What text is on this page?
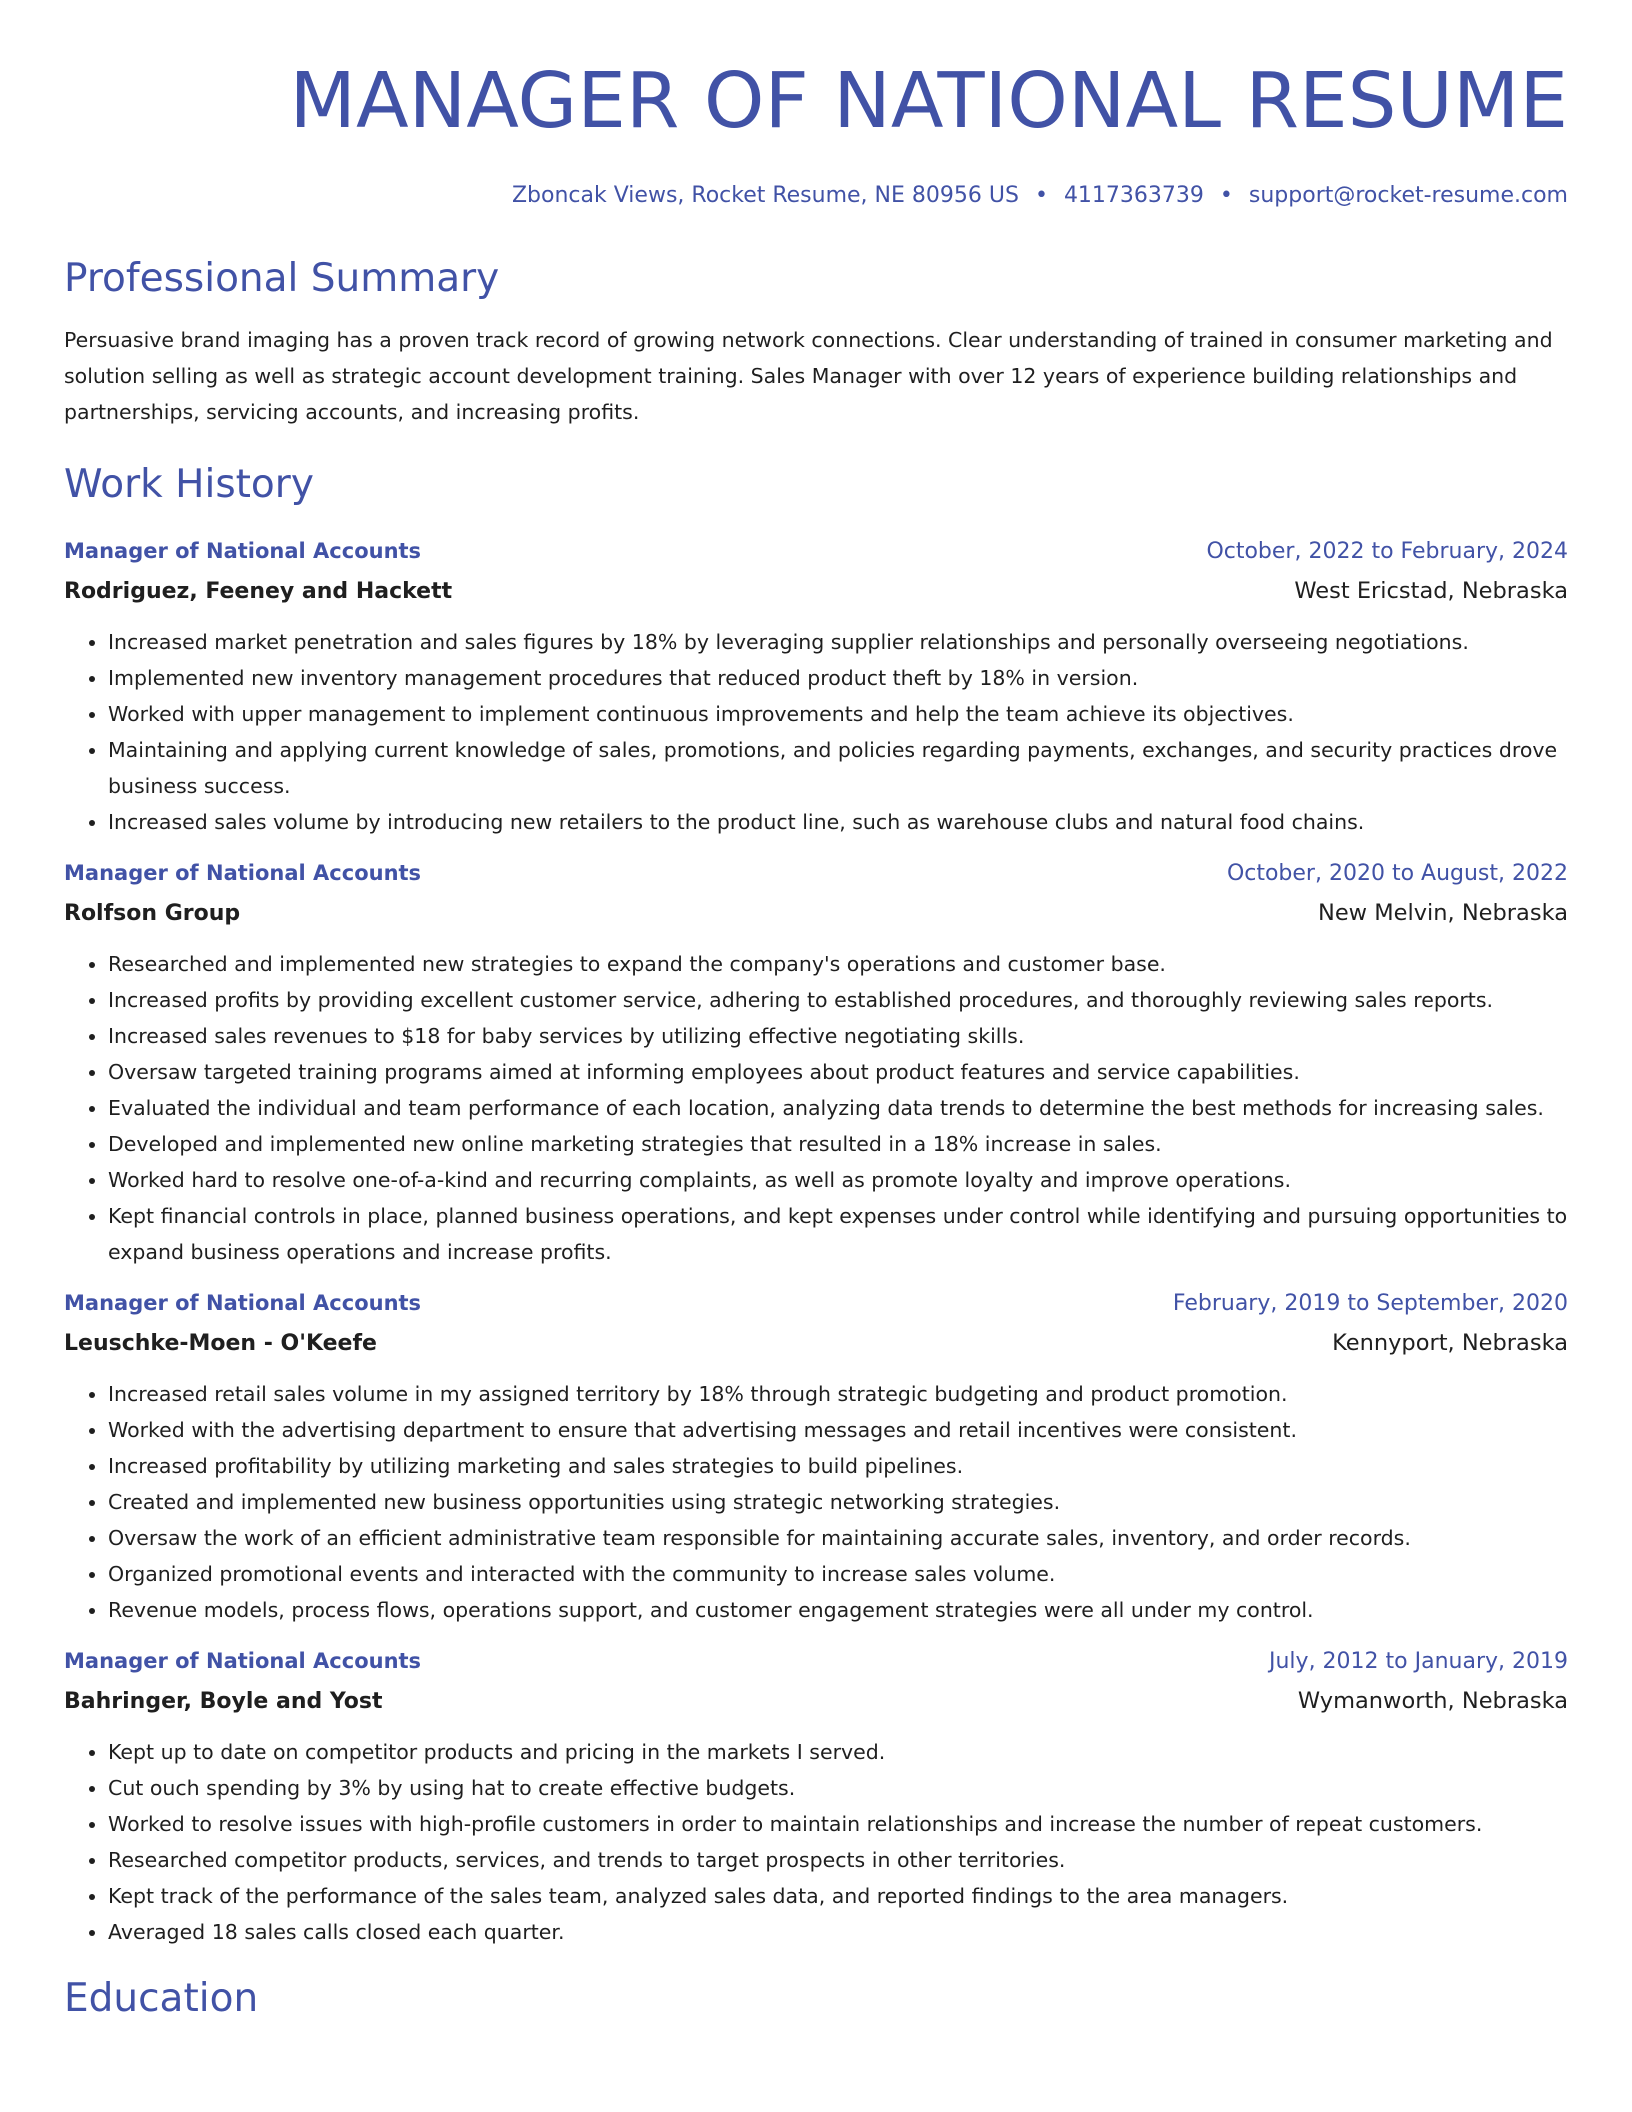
MANAGER OF NATIONAL RESUME
Zboncak Views, Rocket Resume, NE 80956 US • 4117363739 • support@rocket-resume.com
Professional Summary
Persuasive brand imaging has a proven track record of growing network connections. Clear understanding of trained in consumer marketing and solution selling as well as strategic account development training. Sales Manager with over 12 years of experience building relationships and partnerships, servicing accounts, and increasing profits.
Work History
Manager of National Accounts	October, 2022 to February, 2024
Rodriguez, Feeney and Hackett	West Ericstad, Nebraska
• Increased market penetration and sales figures by 18% by leveraging supplier relationships and personally overseeing negotiations.
• Implemented new inventory management procedures that reduced product theft by 18% in version.
• Worked with upper management to implement continuous improvements and help the team achieve its objectives.
• Maintaining and applying current knowledge of sales, promotions, and policies regarding payments, exchanges, and security practices drove business success.
• Increased sales volume by introducing new retailers to the product line, such as warehouse clubs and natural food chains.
Manager of National Accounts	October, 2020 to August, 2022
Rolfson Group	New Melvin, Nebraska
• Researched and implemented new strategies to expand the company's operations and customer base.
• Increased profits by providing excellent customer service, adhering to established procedures, and thoroughly reviewing sales reports.
• Increased sales revenues to $18 for baby services by utilizing effective negotiating skills.
• Oversaw targeted training programs aimed at informing employees about product features and service capabilities.
• Evaluated the individual and team performance of each location, analyzing data trends to determine the best methods for increasing sales.
• Developed and implemented new online marketing strategies that resulted in a 18% increase in sales.
• Worked hard to resolve one-of-a-kind and recurring complaints, as well as promote loyalty and improve operations.
• Kept financial controls in place, planned business operations, and kept expenses under control while identifying and pursuing opportunities to expand business operations and increase profits.
Manager of National Accounts	February, 2019 to September, 2020
Leuschke-Moen - O'Keefe	Kennyport, Nebraska
• Increased retail sales volume in my assigned territory by 18% through strategic budgeting and product promotion.
• Worked with the advertising department to ensure that advertising messages and retail incentives were consistent.
• Increased profitability by utilizing marketing and sales strategies to build pipelines.
• Created and implemented new business opportunities using strategic networking strategies.
• Oversaw the work of an efficient administrative team responsible for maintaining accurate sales, inventory, and order records.
• Organized promotional events and interacted with the community to increase sales volume.
• Revenue models, process flows, operations support, and customer engagement strategies were all under my control.
Manager of National Accounts	July, 2012 to January, 2019
Bahringer, Boyle and Yost	Wymanworth, Nebraska
• Kept up to date on competitor products and pricing in the markets I served.
• Cut ouch spending by 3% by using hat to create effective budgets.
• Worked to resolve issues with high-profile customers in order to maintain relationships and increase the number of repeat customers.
• Researched competitor products, services, and trends to target prospects in other territories.
• Kept track of the performance of the sales team, analyzed sales data, and reported findings to the area managers.
• Averaged 18 sales calls closed each quarter.
Education
